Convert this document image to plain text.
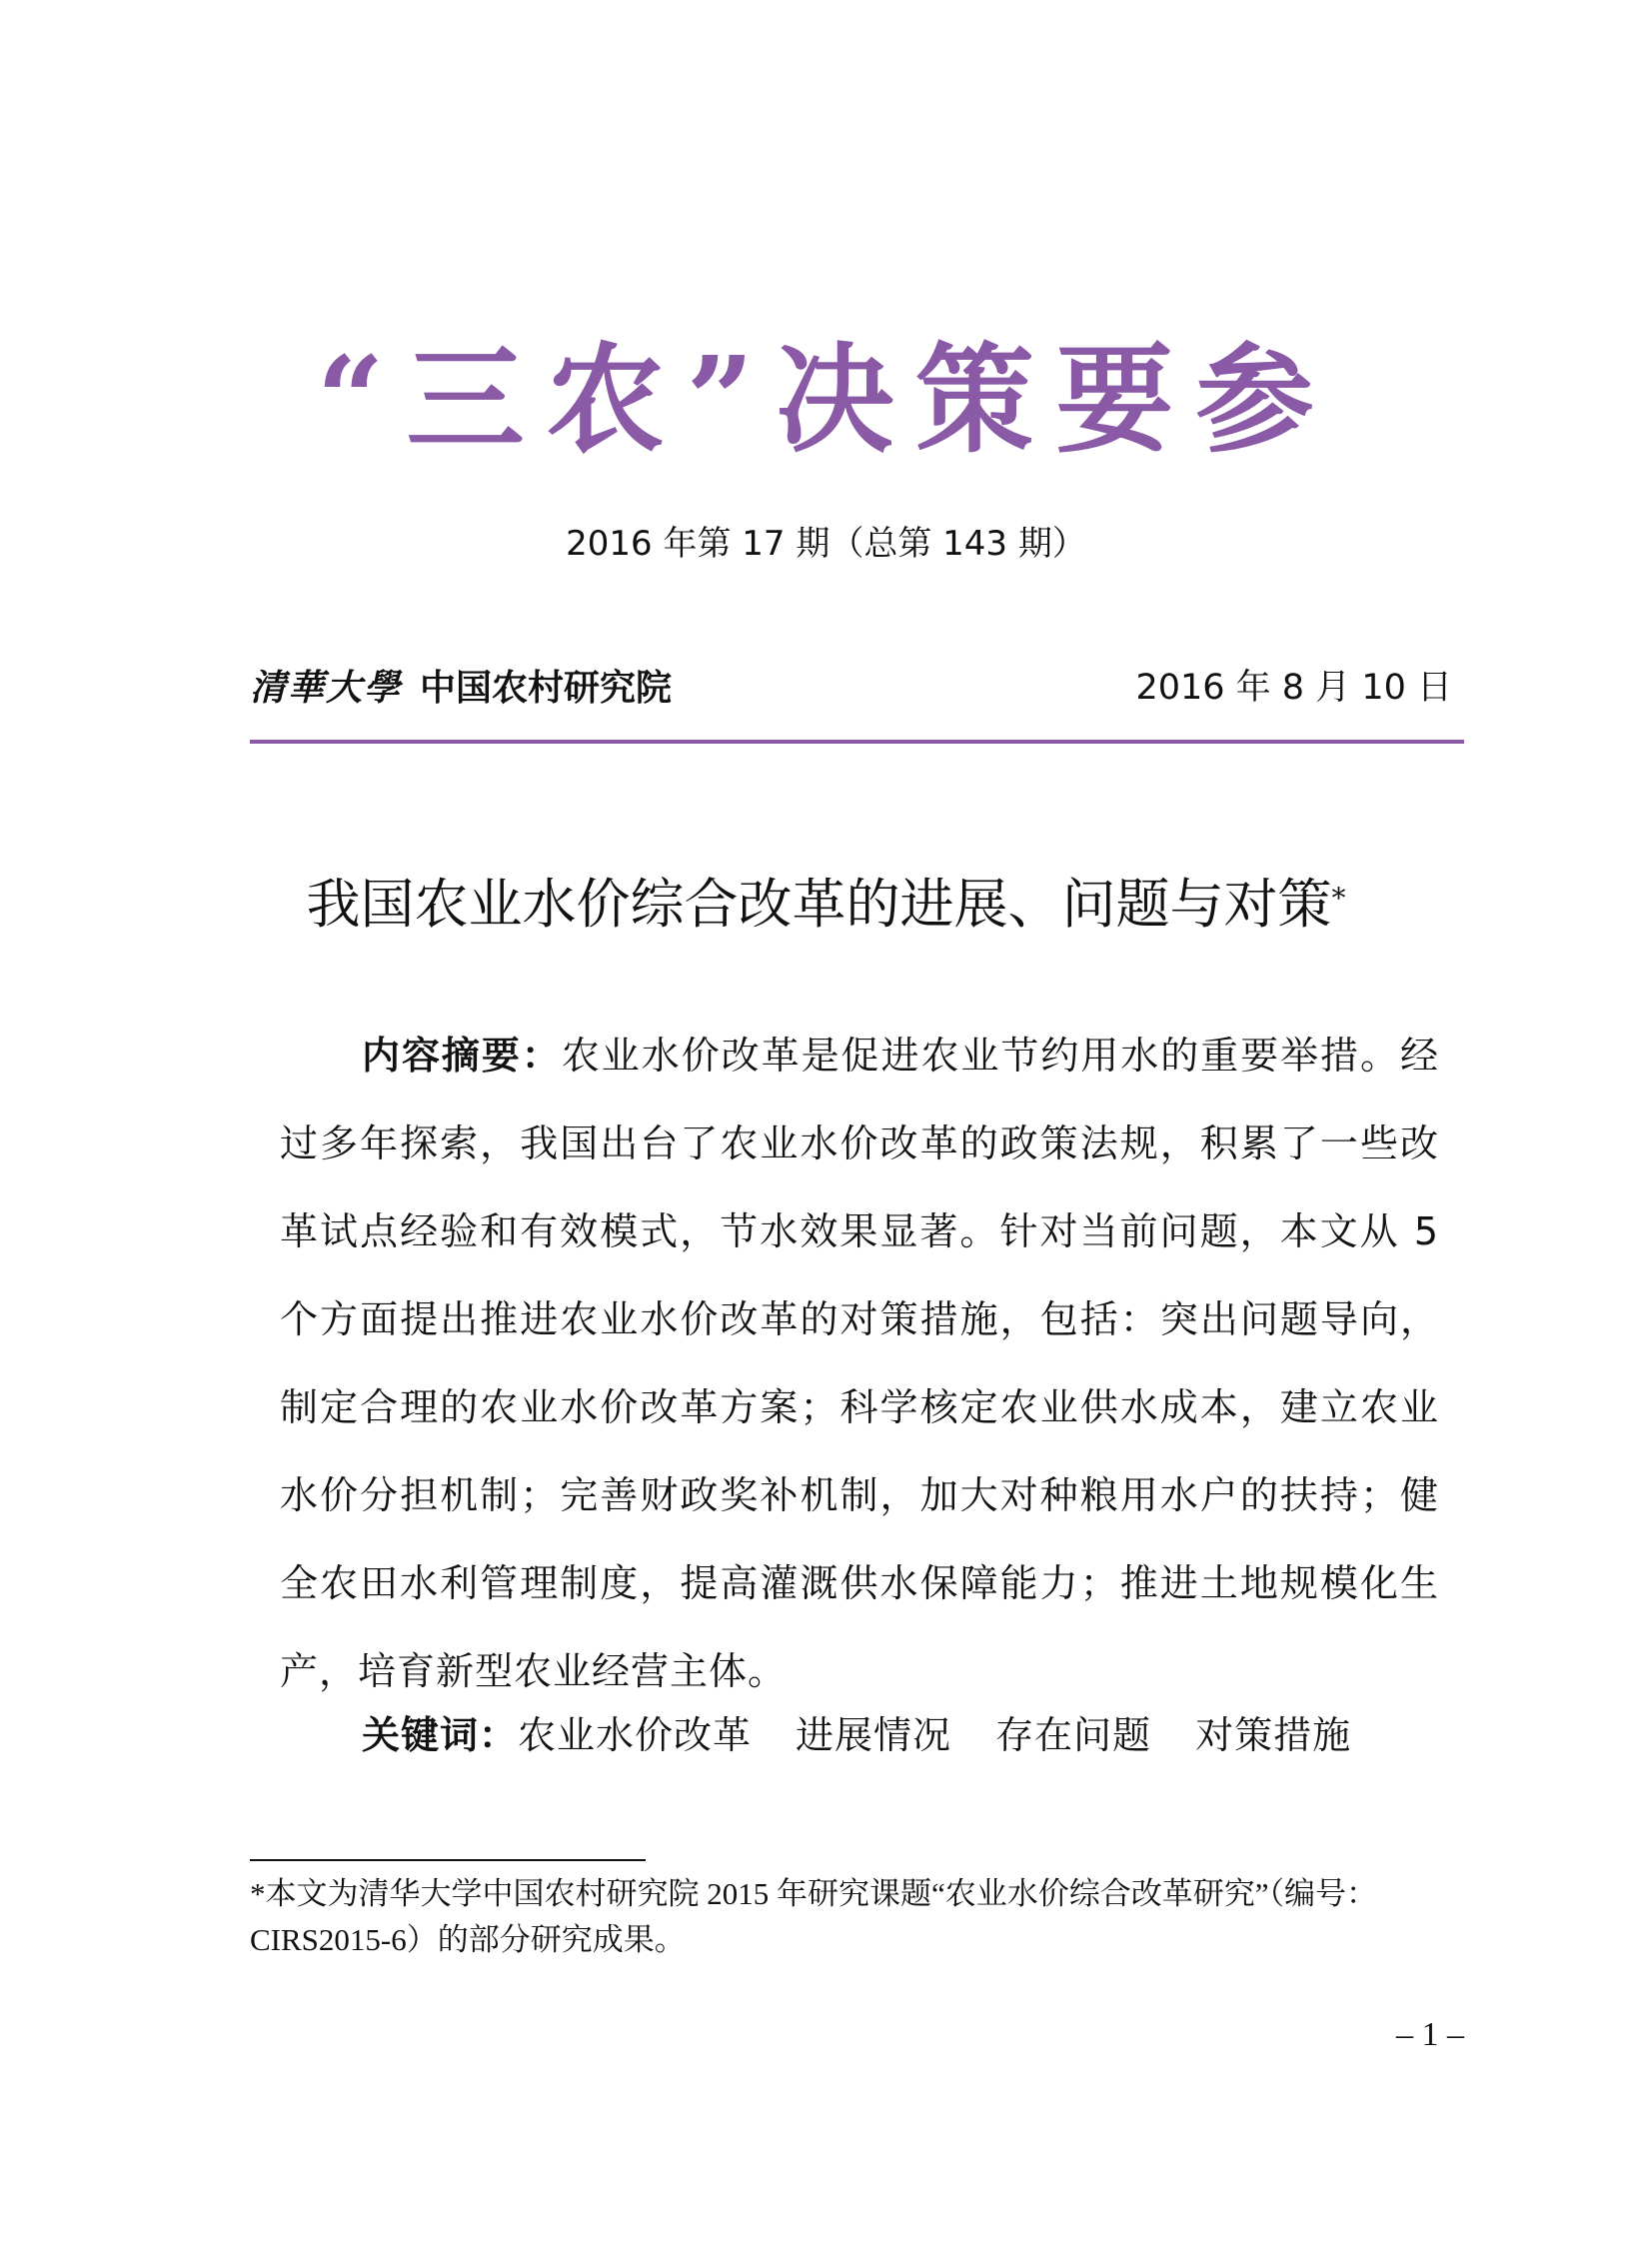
“三农”决策要参
2016 年第 17 期（总第 143 期）
清華大學 中国农村研究院	2016 年 8 月 10 日
我国农业水价综合改革的进展、问题与对策*
内容摘要：农业水价改革是促进农业节约用水的重要举措。经
过多年探索，我国出台了农业水价改革的政策法规，积累了一些改
革试点经验和有效模式，节水效果显著。针对当前问题，本文从 5
个方面提出推进农业水价改革的对策措施，包括：突出问题导向，
制定合理的农业水价改革方案；科学核定农业供水成本，建立农业
水价分担机制；完善财政奖补机制，加大对种粮用水户的扶持；健
全农田水利管理制度，提高灌溉供水保障能力；推进土地规模化生
产，培育新型农业经营主体。
关键词：农业水价改革 进展情况 存在问题 对策措施
*本文为清华大学中国农村研究院 2015 年研究课题“农业水价综合改革研究”（编号：
CIRS2015-6）的部分研究成果。
– 1 –
